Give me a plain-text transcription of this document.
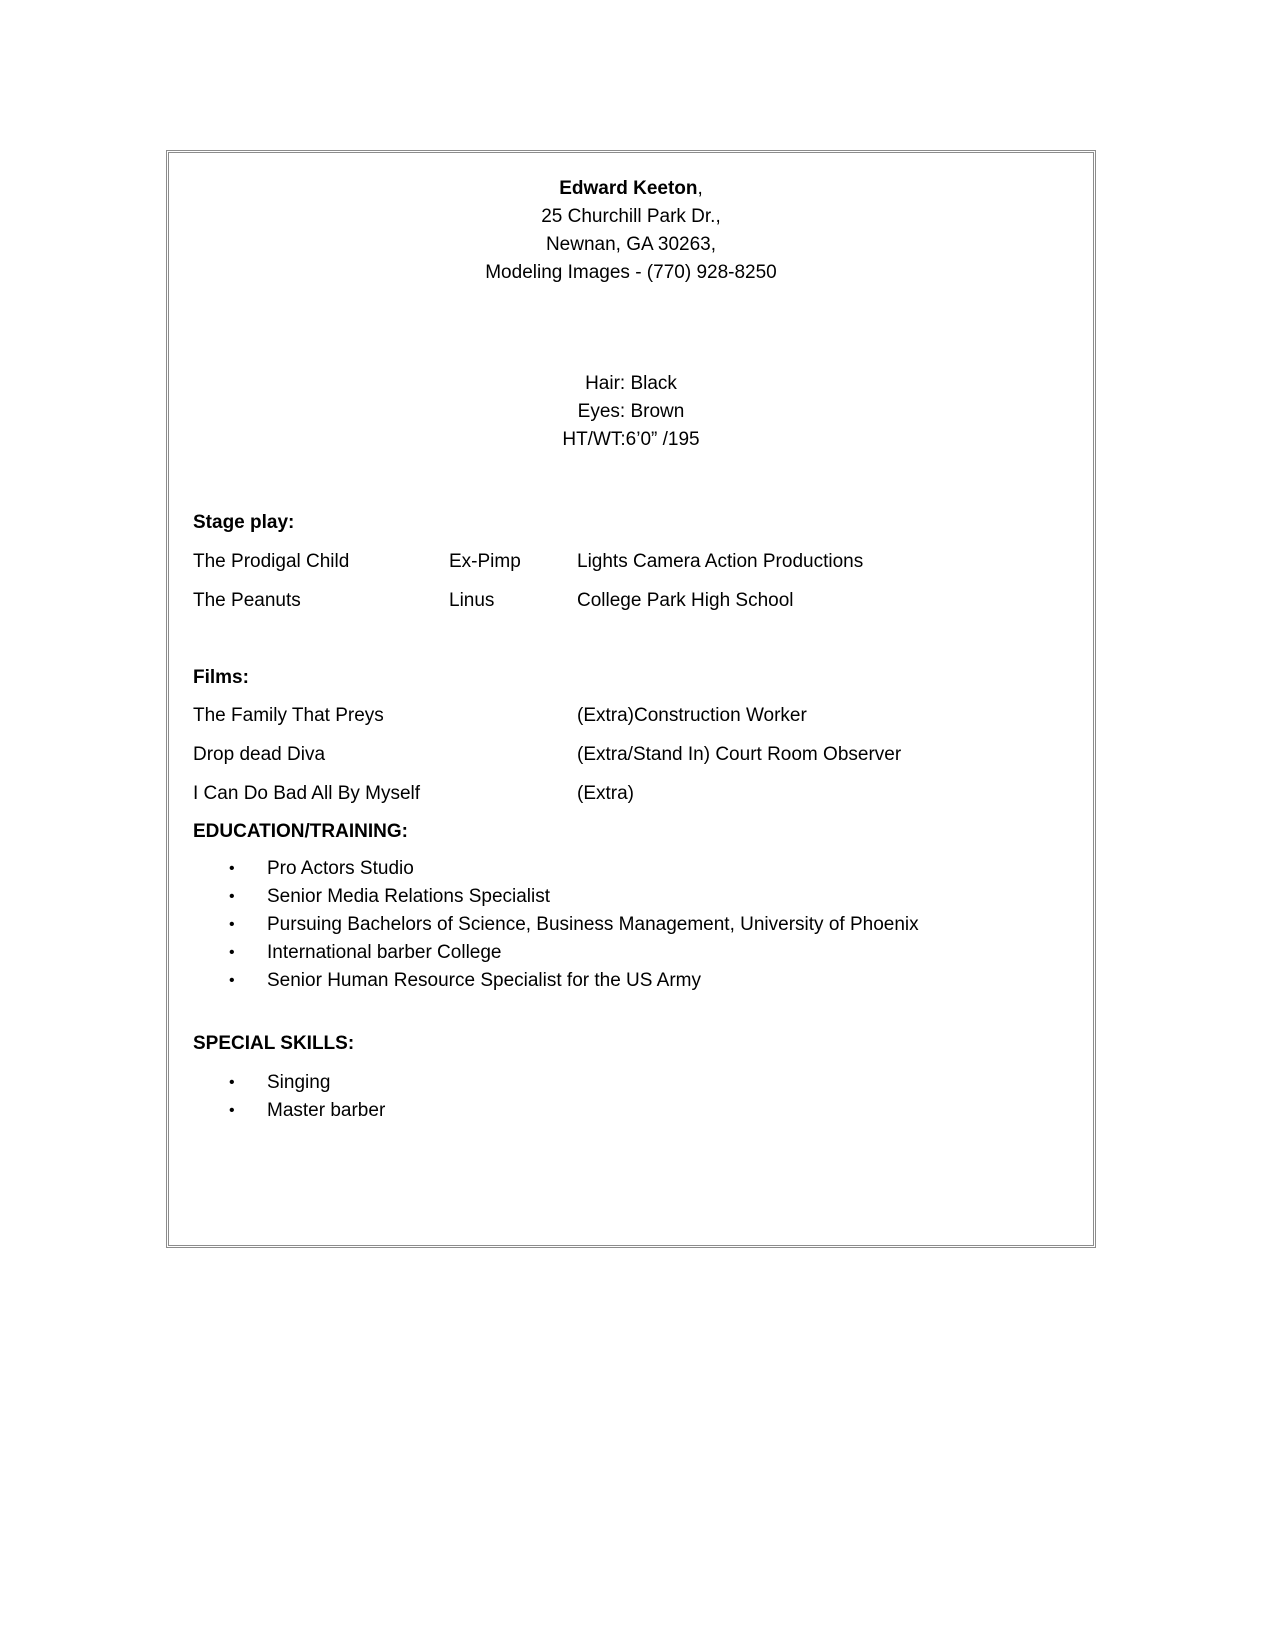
Edward Keeton,
25 Churchill Park Dr.,
Newnan, GA 30263,
Modeling Images - (770) 928-8250
Hair: Black
Eyes: Brown
HT/WT:6’0” /195
Stage play:
The Prodigal Child	Ex-Pimp	Lights Camera Action Productions
The Peanuts	Linus	College Park High School
Films:
The Family That Preys	(Extra)Construction Worker
Drop dead Diva	(Extra/Stand In) Court Room Observer
I Can Do Bad All By Myself	(Extra)
EDUCATION/TRAINING:
• Pro Actors Studio
• Senior Media Relations Specialist
• Pursuing Bachelors of Science, Business Management, University of Phoenix
• International barber College
• Senior Human Resource Specialist for the US Army
SPECIAL SKILLS:
• Singing
• Master barber
